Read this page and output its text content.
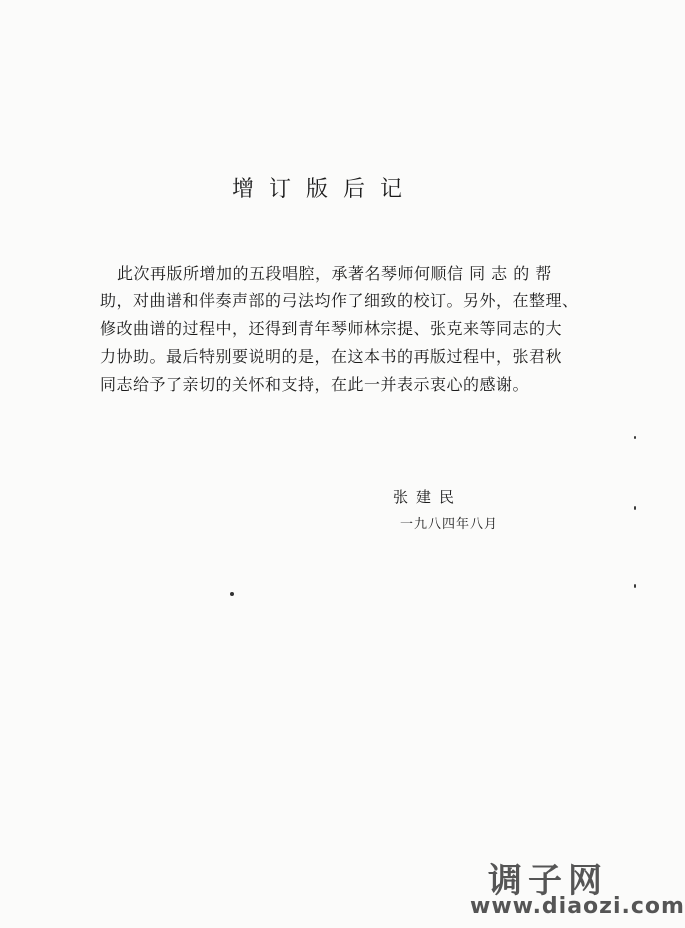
增订版后记
此次再版所增加的五段唱腔，承著名琴师何顺信 同 志 的 帮
助，对曲谱和伴奏声部的弓法均作了细致的校订。另外，在整理、
修改曲谱的过程中，还得到青年琴师林宗提、张克来等同志的大
力协助。最后特别要说明的是，在这本书的再版过程中，张君秋
同志给予了亲切的关怀和支持，在此一并表示衷心的感谢。
张建民
一九八四年八月
调子网
www.diaozi.com
